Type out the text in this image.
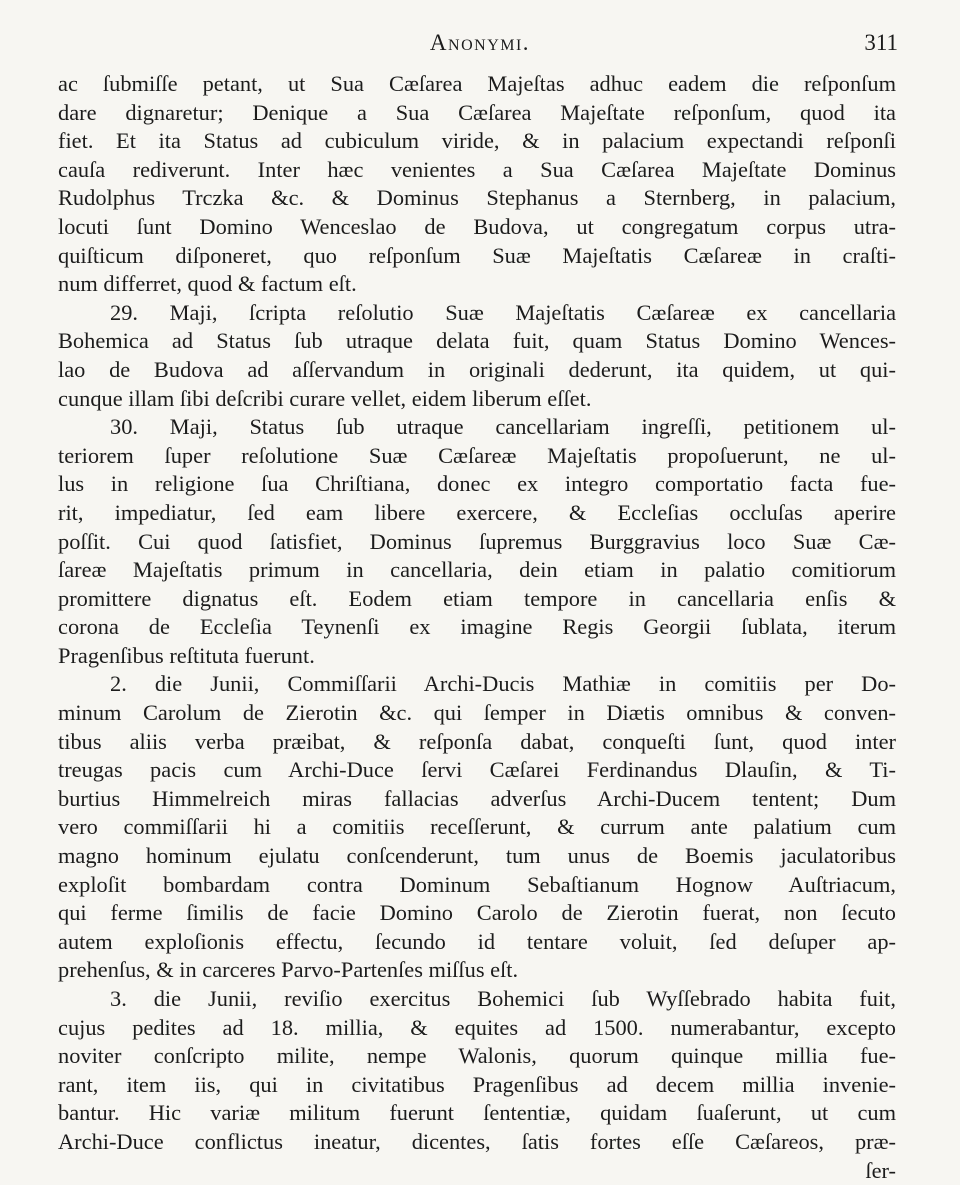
Anonymi.	311
ac ſubmiſſe petant, ut Sua Cæſarea Majeſtas adhuc eadem die reſponſum
dare dignaretur; Denique a Sua Cæſarea Majeſtate reſponſum, quod ita
fiet. Et ita Status ad cubiculum viride, & in palacium expectandi reſponſi
cauſa rediverunt. Inter hæc venientes a Sua Cæſarea Majeſtate Dominus
Rudolphus Trczka &c. & Dominus Stephanus a Sternberg, in palacium,
locuti ſunt Domino Wenceslao de Budova, ut congregatum corpus utra-
quiſticum diſponeret, quo reſponſum Suæ Majeſtatis Cæſareæ in craſti-
num differret, quod & factum eſt.
29. Maji, ſcripta reſolutio Suæ Majeſtatis Cæſareæ ex cancellaria
Bohemica ad Status ſub utraque delata fuit, quam Status Domino Wences-
lao de Budova ad aſſervandum in originali dederunt, ita quidem, ut qui-
cunque illam ſibi deſcribi curare vellet, eidem liberum eſſet.
30. Maji, Status ſub utraque cancellariam ingreſſi, petitionem ul-
teriorem ſuper reſolutione Suæ Cæſareæ Majeſtatis propoſuerunt, ne ul-
lus in religione ſua Chriſtiana, donec ex integro comportatio facta fue-
rit, impediatur, ſed eam libere exercere, & Eccleſias occluſas aperire
poſſit. Cui quod ſatisfiet, Dominus ſupremus Burggravius loco Suæ Cæ-
ſareæ Majeſtatis primum in cancellaria, dein etiam in palatio comitiorum
promittere dignatus eſt. Eodem etiam tempore in cancellaria enſis &
corona de Eccleſia Teynenſi ex imagine Regis Georgii ſublata, iterum
Pragenſibus reſtituta fuerunt.
2. die Junii, Commiſſarii Archi-Ducis Mathiæ in comitiis per Do-
minum Carolum de Zierotin &c. qui ſemper in Diætis omnibus & conven-
tibus aliis verba præibat, & reſponſa dabat, conqueſti ſunt, quod inter
treugas pacis cum Archi-Duce ſervi Cæſarei Ferdinandus Dlauſin, & Ti-
burtius Himmelreich miras fallacias adverſus Archi-Ducem tentent; Dum
vero commiſſarii hi a comitiis receſſerunt, & currum ante palatium cum
magno hominum ejulatu conſcenderunt, tum unus de Boemis jaculatoribus
exploſit bombardam contra Dominum Sebaſtianum Hognow Auſtriacum,
qui ferme ſimilis de facie Domino Carolo de Zierotin fuerat, non ſecuto
autem exploſionis effectu, ſecundo id tentare voluit, ſed deſuper ap-
prehenſus, & in carceres Parvo-Partenſes miſſus eſt.
3. die Junii, reviſio exercitus Bohemici ſub Wyſſebrado habita fuit,
cujus pedites ad 18. millia, & equites ad 1500. numerabantur, excepto
noviter conſcripto milite, nempe Walonis, quorum quinque millia fue-
rant, item iis, qui in civitatibus Pragenſibus ad decem millia invenie-
bantur. Hic variæ militum fuerunt ſententiæ, quidam ſuaſerunt, ut cum
Archi-Duce conflictus ineatur, dicentes, ſatis fortes eſſe Cæſareos, præ-
ſer-
